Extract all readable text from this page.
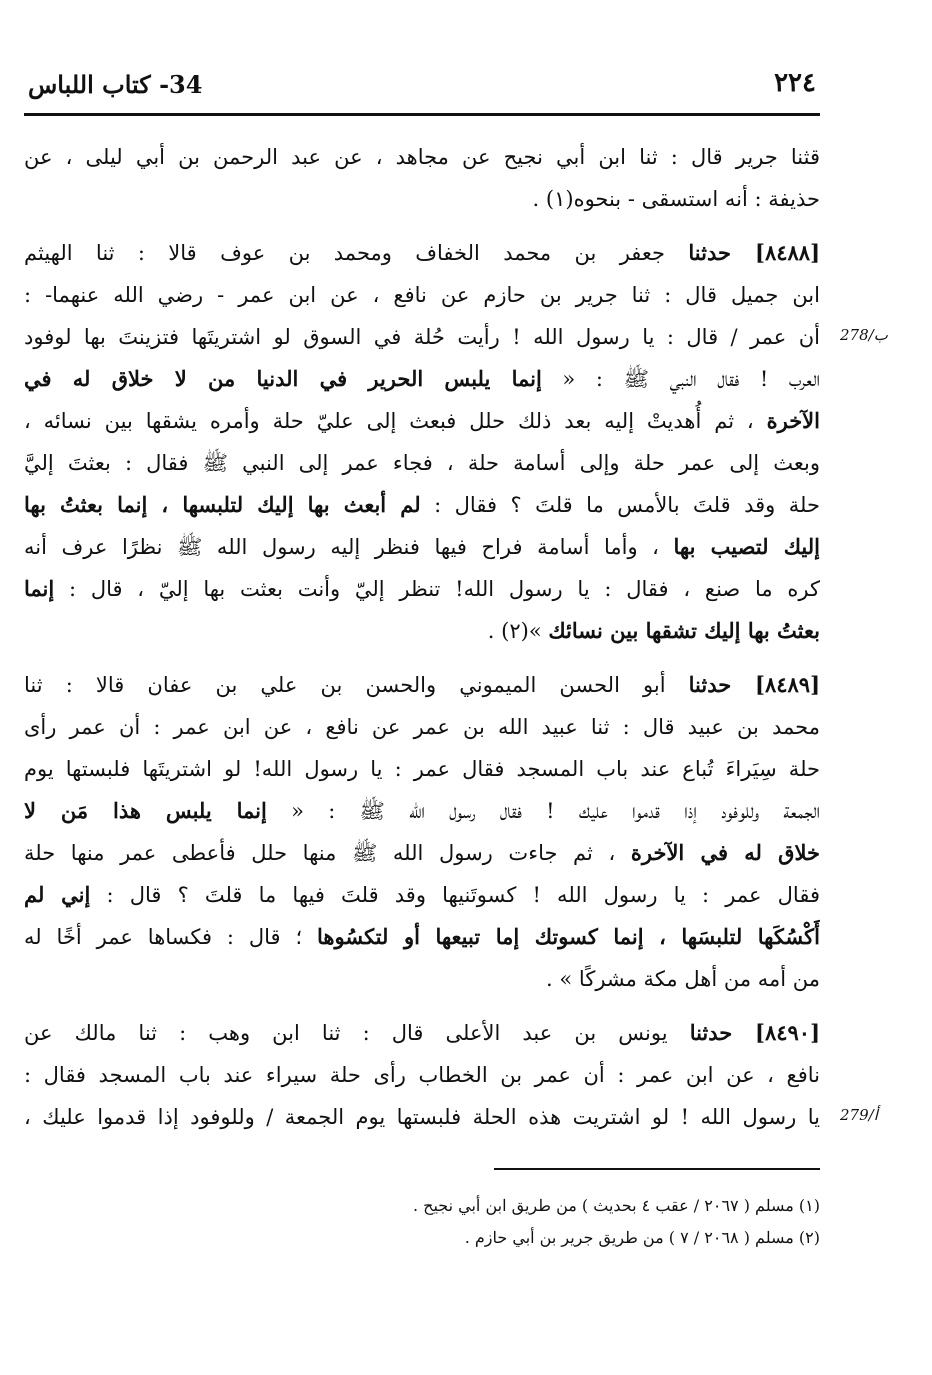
٢٢٤
34- كتاب اللباس
قثنا جرير قال : ثنا ابن أبي نجيح عن مجاهد ، عن عبد الرحمن بن أبي ليلى ، عن
حذيفة : أنه استسقى - بنحوه(١) .
[٨٤٨٨] حدثنا جعفر بن محمد الخفاف ومحمد بن عوف قالا : ثنا الهيثم
ابن جميل قال : ثنا جرير بن حازم عن نافع ، عن ابن عمر - رضي الله عنهما- :
أن عمر / قال : يا رسول الله ! رأيت حُلة في السوق لو اشتريتَها فتزينتَ بها لوفود
العرب ! فقال النبي ﷺ : « إنما يلبس الحرير في الدنيا من لا خلاق له في
الآخرة ، ثم أُهديتْ إليه بعد ذلك حلل فبعث إلى عليّ حلة وأمره يشقها بين نسائه ،
وبعث إلى عمر حلة وإلى أسامة حلة ، فجاء عمر إلى النبي ﷺ فقال : بعثتَ إليَّ
حلة وقد قلتَ بالأمس ما قلتَ ؟ فقال : لم أبعث بها إليك لتلبسها ، إنما بعثتُ بها
إليك لتصيب بها ، وأما أسامة فراح فيها فنظر إليه رسول الله ﷺ نظرًا عرف أنه
كره ما صنع ، فقال : يا رسول الله! تنظر إليّ وأنت بعثت بها إليّ ، قال : إنما
بعثتُ بها إليك تشقها بين نسائك »(٢) .
[٨٤٨٩] حدثنا أبو الحسن الميموني والحسن بن علي بن عفان قالا : ثنا
محمد بن عبيد قال : ثنا عبيد الله بن عمر عن نافع ، عن ابن عمر : أن عمر رأى
حلة سِيَراءَ تُباع عند باب المسجد فقال عمر : يا رسول الله! لو اشتريتَها فلبستها يوم
الجمعة وللوفود إذا قدموا عليك ! فقال رسول الله ﷺ : « إنما يلبس هذا مَن لا
خلاق له في الآخرة ، ثم جاءت رسول الله ﷺ منها حلل فأعطى عمر منها حلة
فقال عمر : يا رسول الله ! كسوتَنيها وقد قلتَ فيها ما قلتَ ؟ قال : إني لم
أَكْسُكَها لتلبسَها ، إنما كسوتك إما تبيعها أو لتكسُوها ؛ قال : فكساها عمر أخًا له
من أمه من أهل مكة مشركًا » .
[٨٤٩٠] حدثنا يونس بن عبد الأعلى قال : ثنا ابن وهب : ثنا مالك عن
نافع ، عن ابن عمر : أن عمر بن الخطاب رأى حلة سيراء عند باب المسجد فقال :
يا رسول الله ! لو اشتريت هذه الحلة فلبستها يوم الجمعة / وللوفود إذا قدموا عليك ،
278/ب
279/أ
(١) مسلم ( ٢٠٦٧ / عقب ٤ بحديث ) من طريق ابن أبي نجيح .
(٢) مسلم ( ٢٠٦٨ / ٧ ) من طريق جرير بن أبي حازم .
